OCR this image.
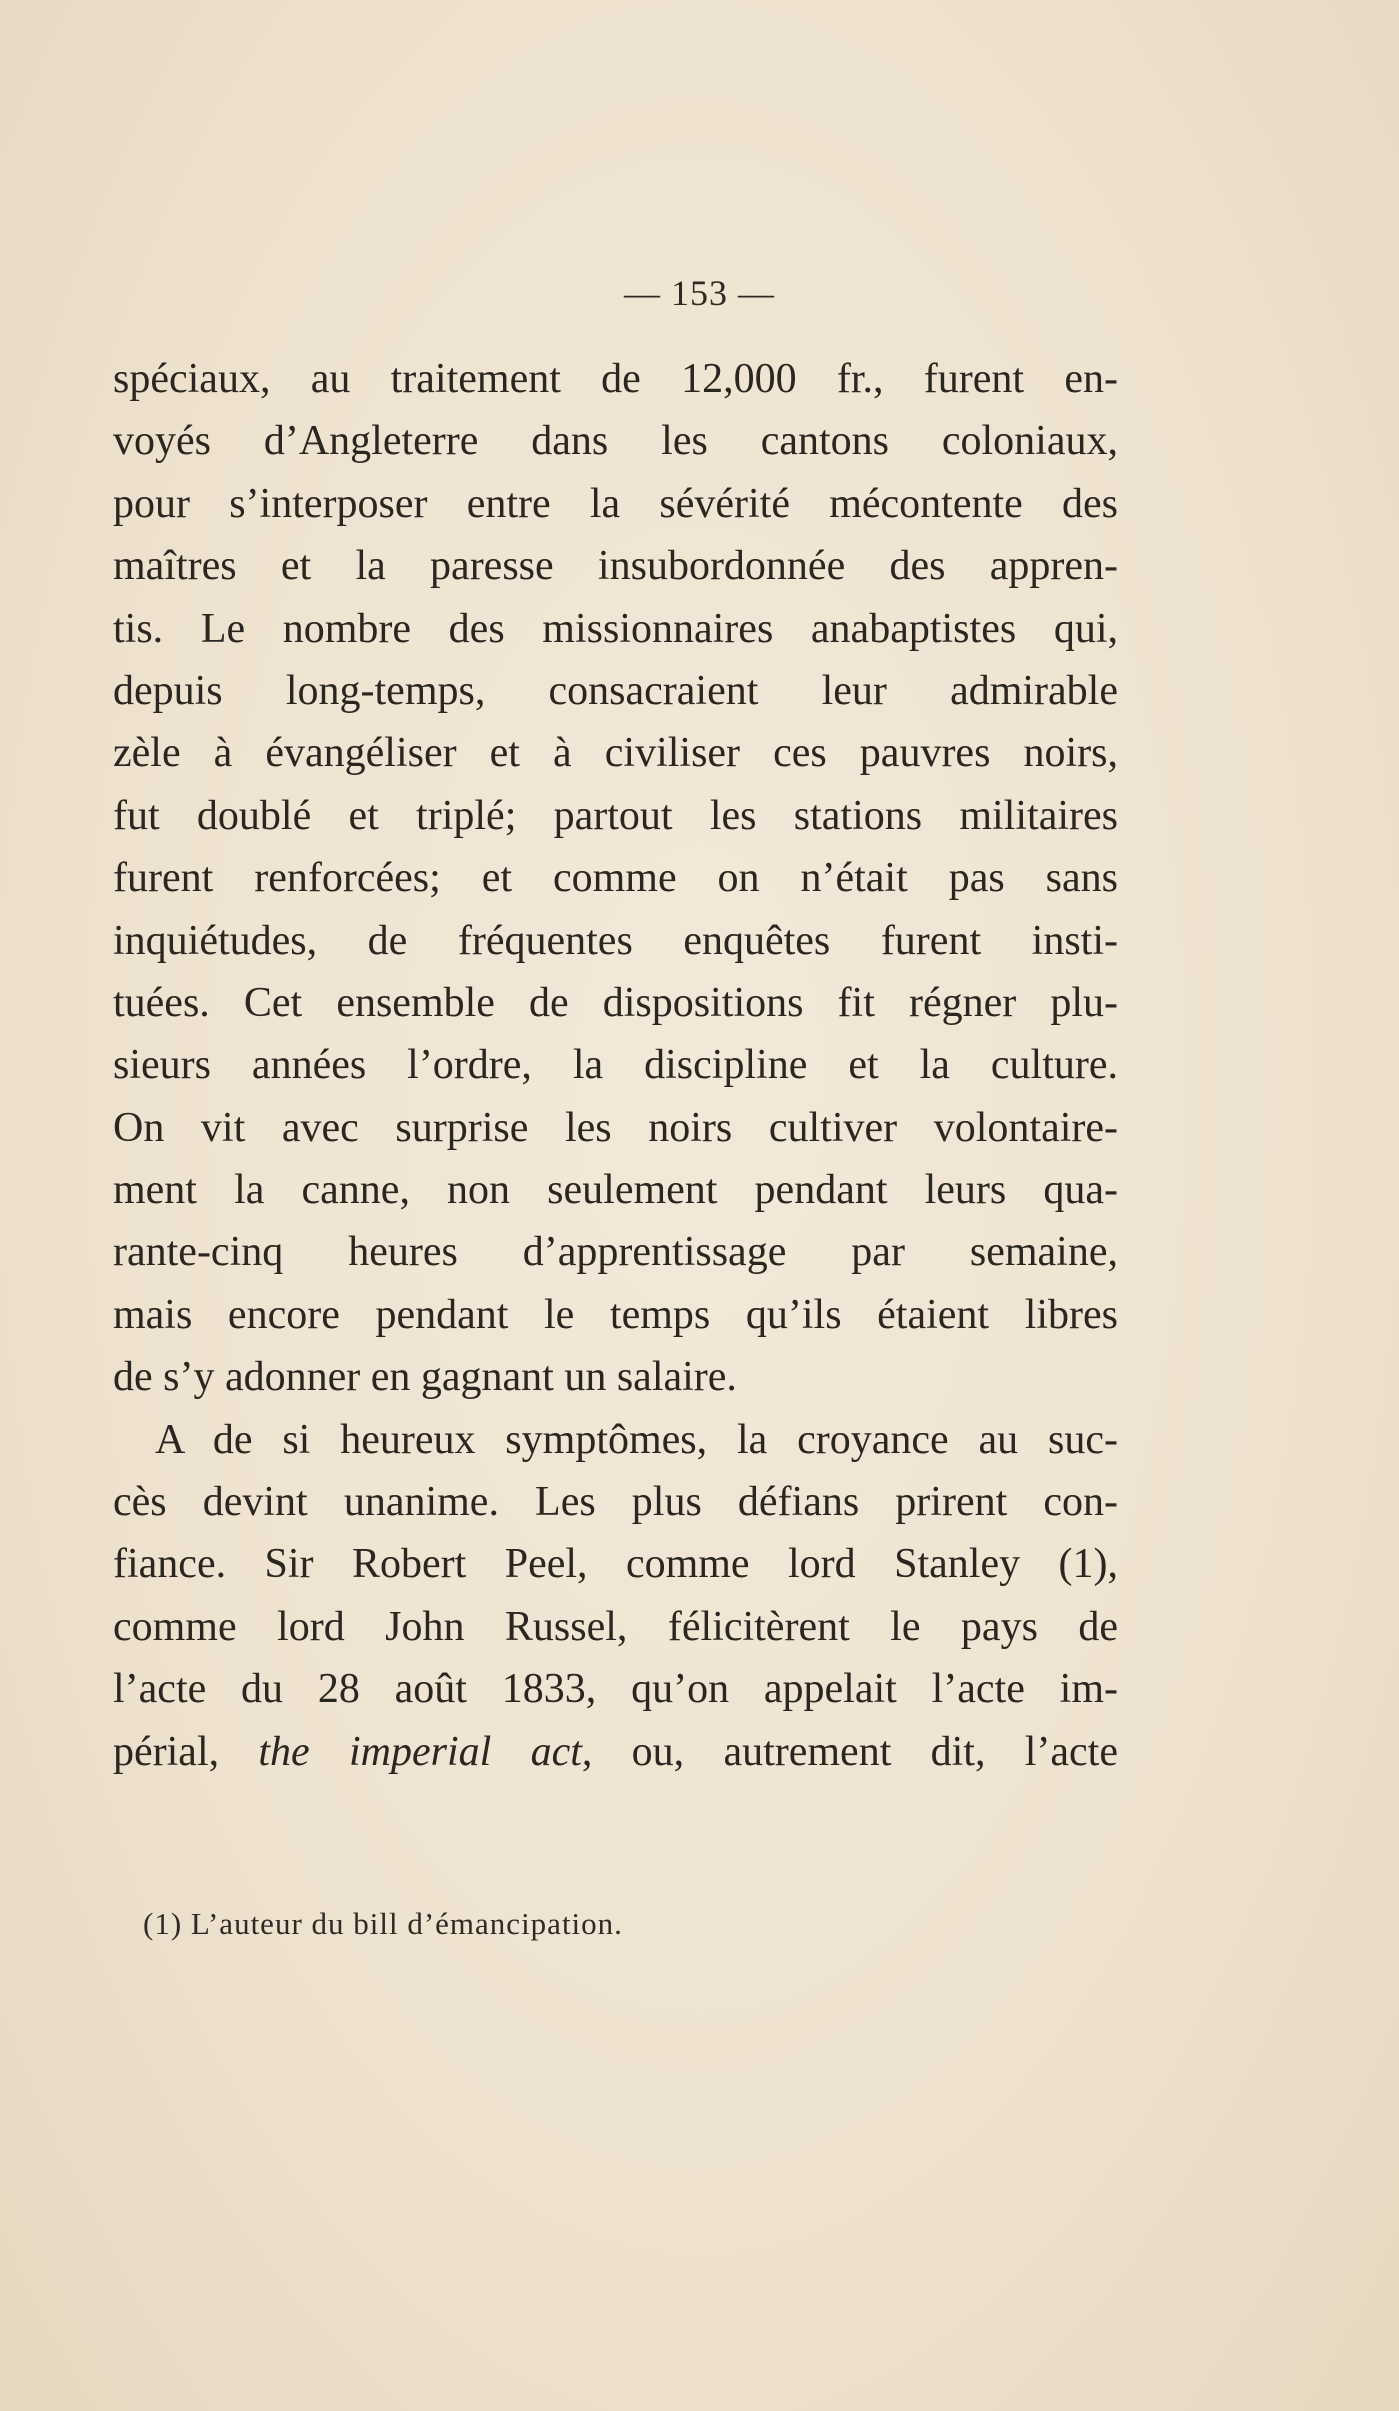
— 153 —
spéciaux, au traitement de 12,000 fr., furent en-
voyés d’Angleterre dans les cantons coloniaux,
pour s’interposer entre la sévérité mécontente des
maîtres et la paresse insubordonnée des appren-
tis. Le nombre des missionnaires anabaptistes qui,
depuis long-temps, consacraient leur admirable
zèle à évangéliser et à civiliser ces pauvres noirs,
fut doublé et triplé; partout les stations militaires
furent renforcées; et comme on n’était pas sans
inquiétudes, de fréquentes enquêtes furent insti-
tuées. Cet ensemble de dispositions fit régner plu-
sieurs années l’ordre, la discipline et la culture.
On vit avec surprise les noirs cultiver volontaire-
ment la canne, non seulement pendant leurs qua-
rante-cinq heures d’apprentissage par semaine,
mais encore pendant le temps qu’ils étaient libres
de s’y adonner en gagnant un salaire.
A de si heureux symptômes, la croyance au suc-
cès devint unanime. Les plus défians prirent con-
fiance. Sir Robert Peel, comme lord Stanley (1),
comme lord John Russel, félicitèrent le pays de
l’acte du 28 août 1833, qu’on appelait l’acte im-
périal, the imperial act, ou, autrement dit, l’acte
(1) L’auteur du bill d’émancipation.
